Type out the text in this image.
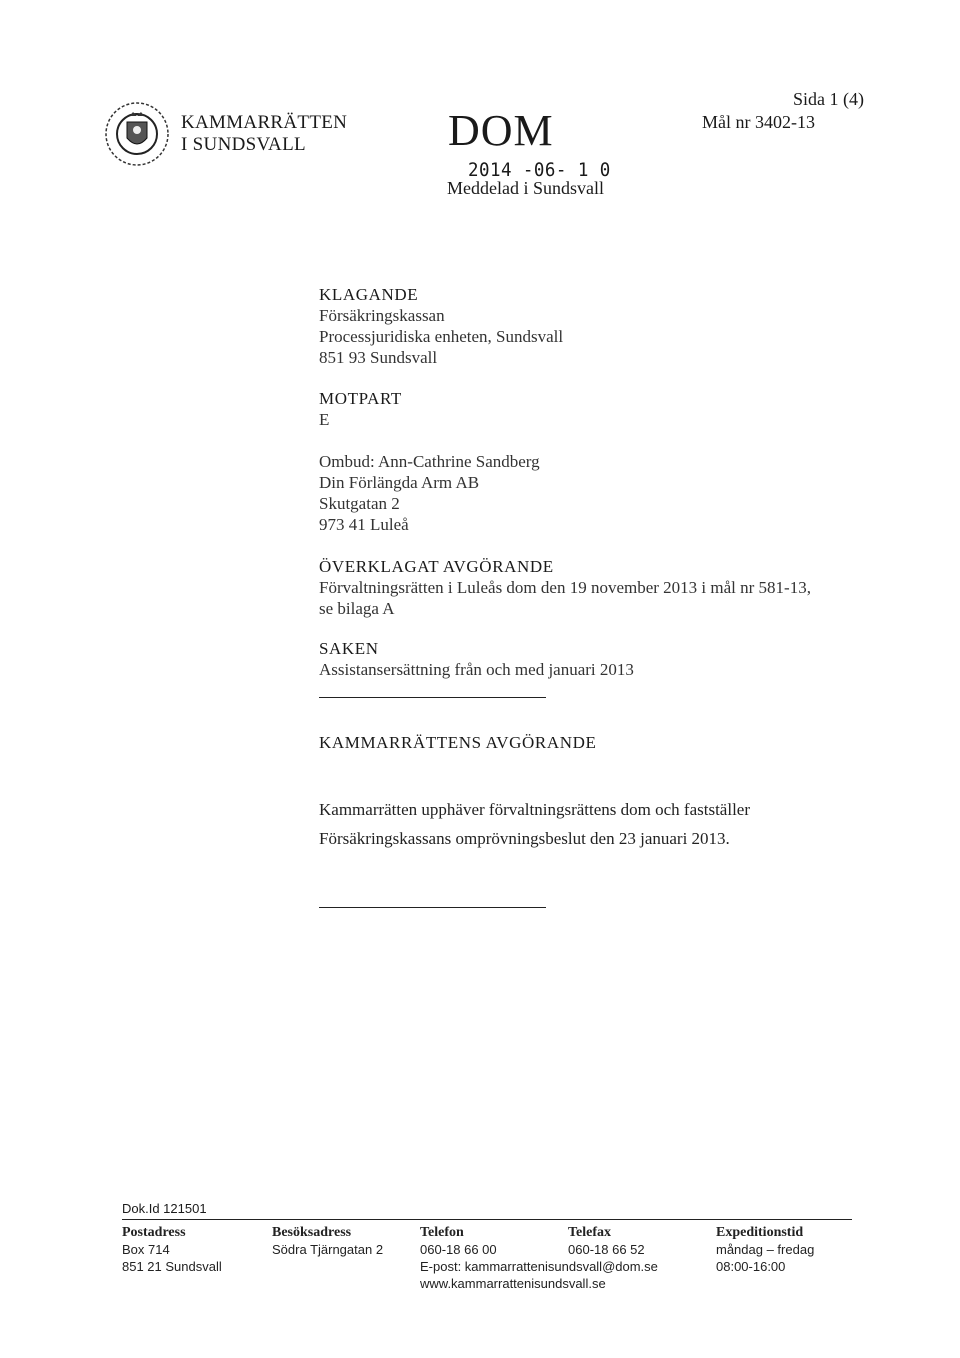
KAMMARRÄTTEN
I SUNDSVALL	DOM
2014 -06- 1 0
Meddelad i Sundsvall
Sida 1 (4)
Mål nr 3402-13
KLAGANDE
Försäkringskassan
Processjuridiska enheten, Sundsvall
851 93 Sundsvall
MOTPART
E
Ombud: Ann-Cathrine Sandberg
Din Förlängda Arm AB
Skutgatan 2
973 41 Luleå
ÖVERKLAGAT AVGÖRANDE
Förvaltningsrätten i Luleås dom den 19 november 2013 i mål nr 581-13,
se bilaga A
SAKEN
Assistansersättning från och med januari 2013
KAMMARRÄTTENS AVGÖRANDE
Kammarrätten upphäver förvaltningsrättens dom och fastställer
Försäkringskassans omprövningsbeslut den 23 januari 2013.
Dok.Id 121501
Postadress
Box 714
851 21 Sundsvall
Besöksadress
Södra Tjärngatan 2
Telefon
060-18 66 00
Telefax
060-18 66 52
E-post: kammarrattenisundsvall@dom.se
www.kammarrattenisundsvall.se
Expeditionstid
måndag – fredag
08:00-16:00
